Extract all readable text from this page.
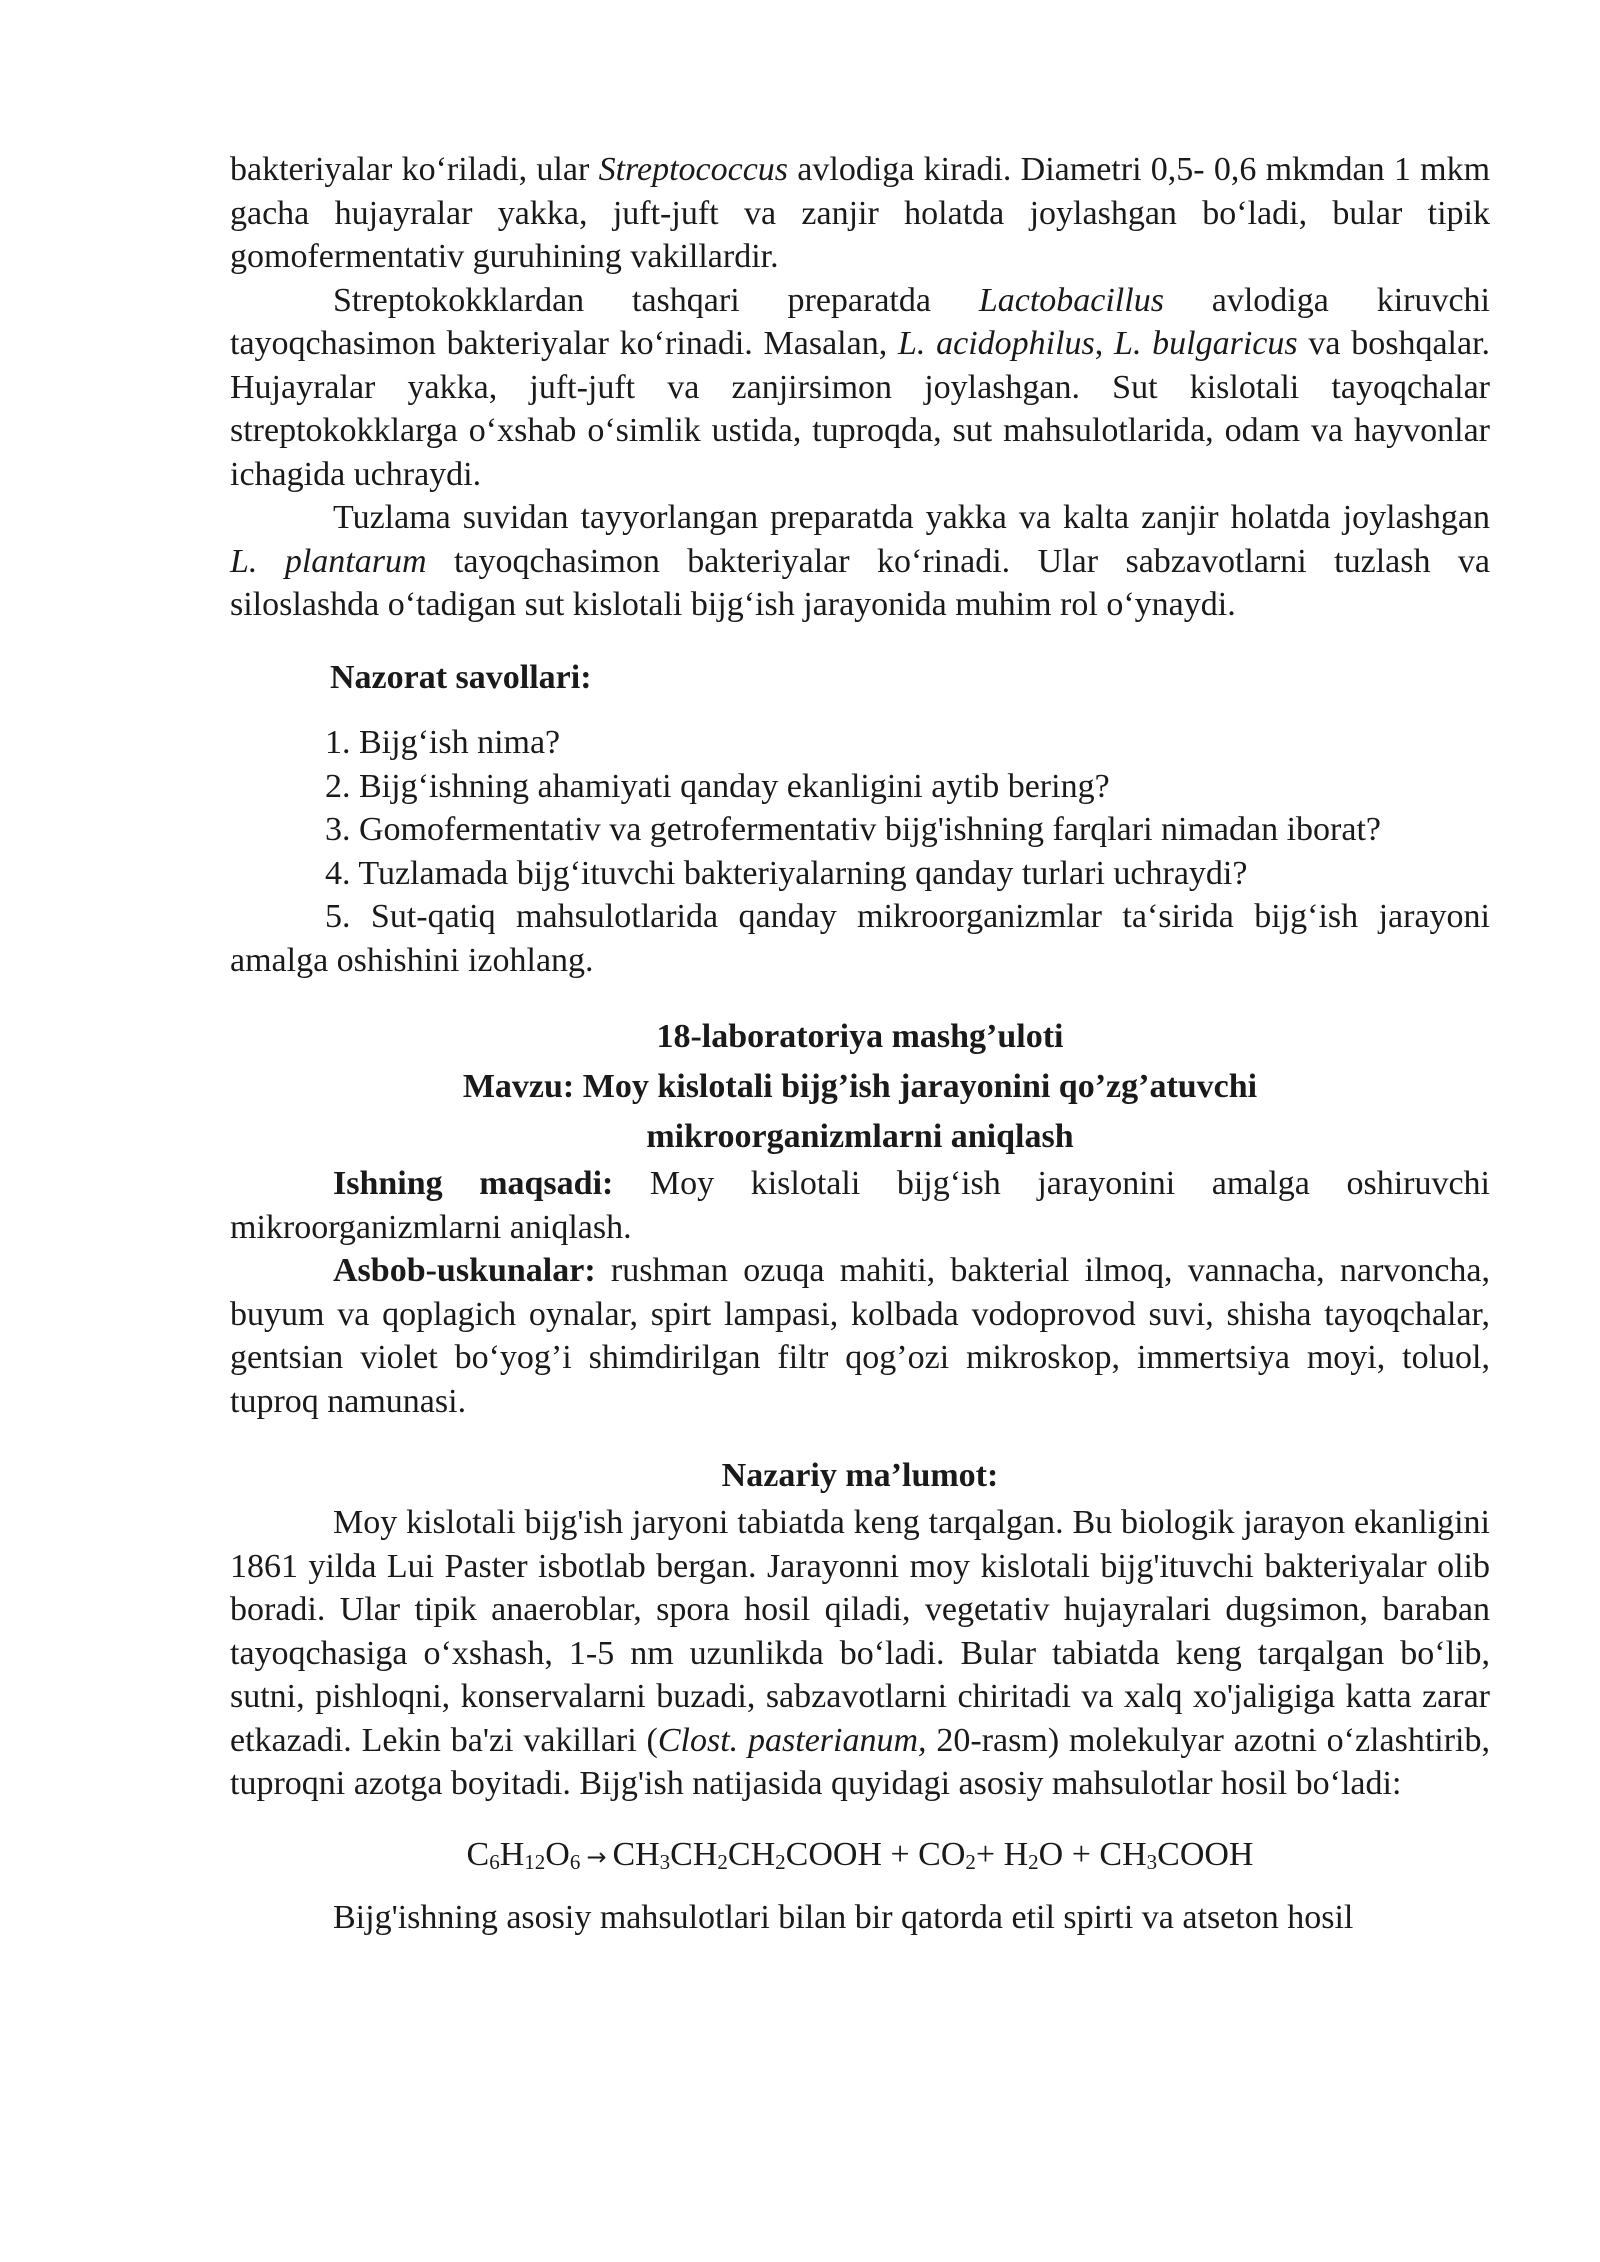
bakteriyalar koʻriladi, ular Streptococcus avlodiga kiradi. Diametri 0,5- 0,6 mkmdan 1 mkm gacha hujayralar yakka, juft-juft va zanjir holatda joylashgan boʻladi, bular tipik gomofermentativ guruhining vakillardir.

Streptokokklardan tashqari preparatda Lactobacillus avlodiga kiruvchi tayoqchasimon bakteriyalar koʻrinadi. Masalan, L. acidophilus, L. bulgaricus va boshqalar. Hujayralar yakka, juft-juft va zanjirsimon joylashgan. Sut kislotali tayoqchalar streptokokklarga oʻxshab oʻsimlik ustida, tuproqda, sut mahsulotlarida, odam va hayvonlar ichagida uchraydi.

Tuzlama suvidan tayyorlangan preparatda yakka va kalta zanjir holatda joylashgan L. plantarum tayoqchasimon bakteriyalar koʻrinadi. Ular sabzavotlarni tuzlash va siloslashda oʻtadigan sut kislotali bijgʻish jarayonida muhim rol oʻynaydi.

Nazorat savollari:

1. Bijgʻish nima?

2. Bijgʻishning ahamiyati qanday ekanligini aytib bering?

3. Gomofermentativ va getrofermentativ bijg'ishning farqlari nimadan iborat?

4. Tuzlamada bijgʻituvchi bakteriyalarning qanday turlari uchraydi?

5. Sut-qatiq mahsulotlarida qanday mikroorganizmlar taʻsirida bijgʻish jarayoni amalga oshishini izohlang.

18-laboratoriya mashg’uloti
Mavzu: Moy kislotali bijg’ish jarayonini qo’zg’atuvchi
mikroorganizmlarni aniqlash

Ishning maqsadi: Moy kislotali bijgʻish jarayonini amalga oshiruvchi mikroorganizmlarni aniqlash.

Asbob-uskunalar: rushman ozuqa mahiti, bakterial ilmoq, vannacha, narvoncha, buyum va qoplagich oynalar, spirt lampasi, kolbada vodoprovod suvi, shisha tayoqchalar, gentsian violet boʻyog’i shimdirilgan filtr qog’ozi mikroskop, immertsiya moyi, toluol, tuproq namunasi.

Nazariy ma’lumot:

Moy kislotali bijg'ish jaryoni tabiatda keng tarqalgan. Bu biologik jarayon ekanligini 1861 yilda Lui Paster isbotlab bergan. Jarayonni moy kislotali bijg'ituvchi bakteriyalar olib boradi. Ular tipik anaeroblar, spora hosil qiladi, vegetativ hujayralari dugsimon, baraban tayoqchasiga oʻxshash, 1-5 nm uzunlikda boʻladi. Bular tabiatda keng tarqalgan boʻlib, sutni, pishloqni, konservalarni buzadi, sabzavotlarni chiritadi va xalq xo'jaligiga katta zarar etkazadi. Lekin ba'zi vakillari (Clost. pasterianum, 20-rasm) molekulyar azotni oʻzlashtirib, tuproqni azotga boyitadi. Bijg'ish natijasida quyidagi asosiy mahsulotlar hosil boʻladi:

$C_6H_{12}O_6$ → $CH_3CH_2CH_2COOH + CO_2+ H_2O$ + $CH_3COOH$

Bijg'ishning asosiy mahsulotlari bilan bir qatorda etil spirti va atseton hosil
